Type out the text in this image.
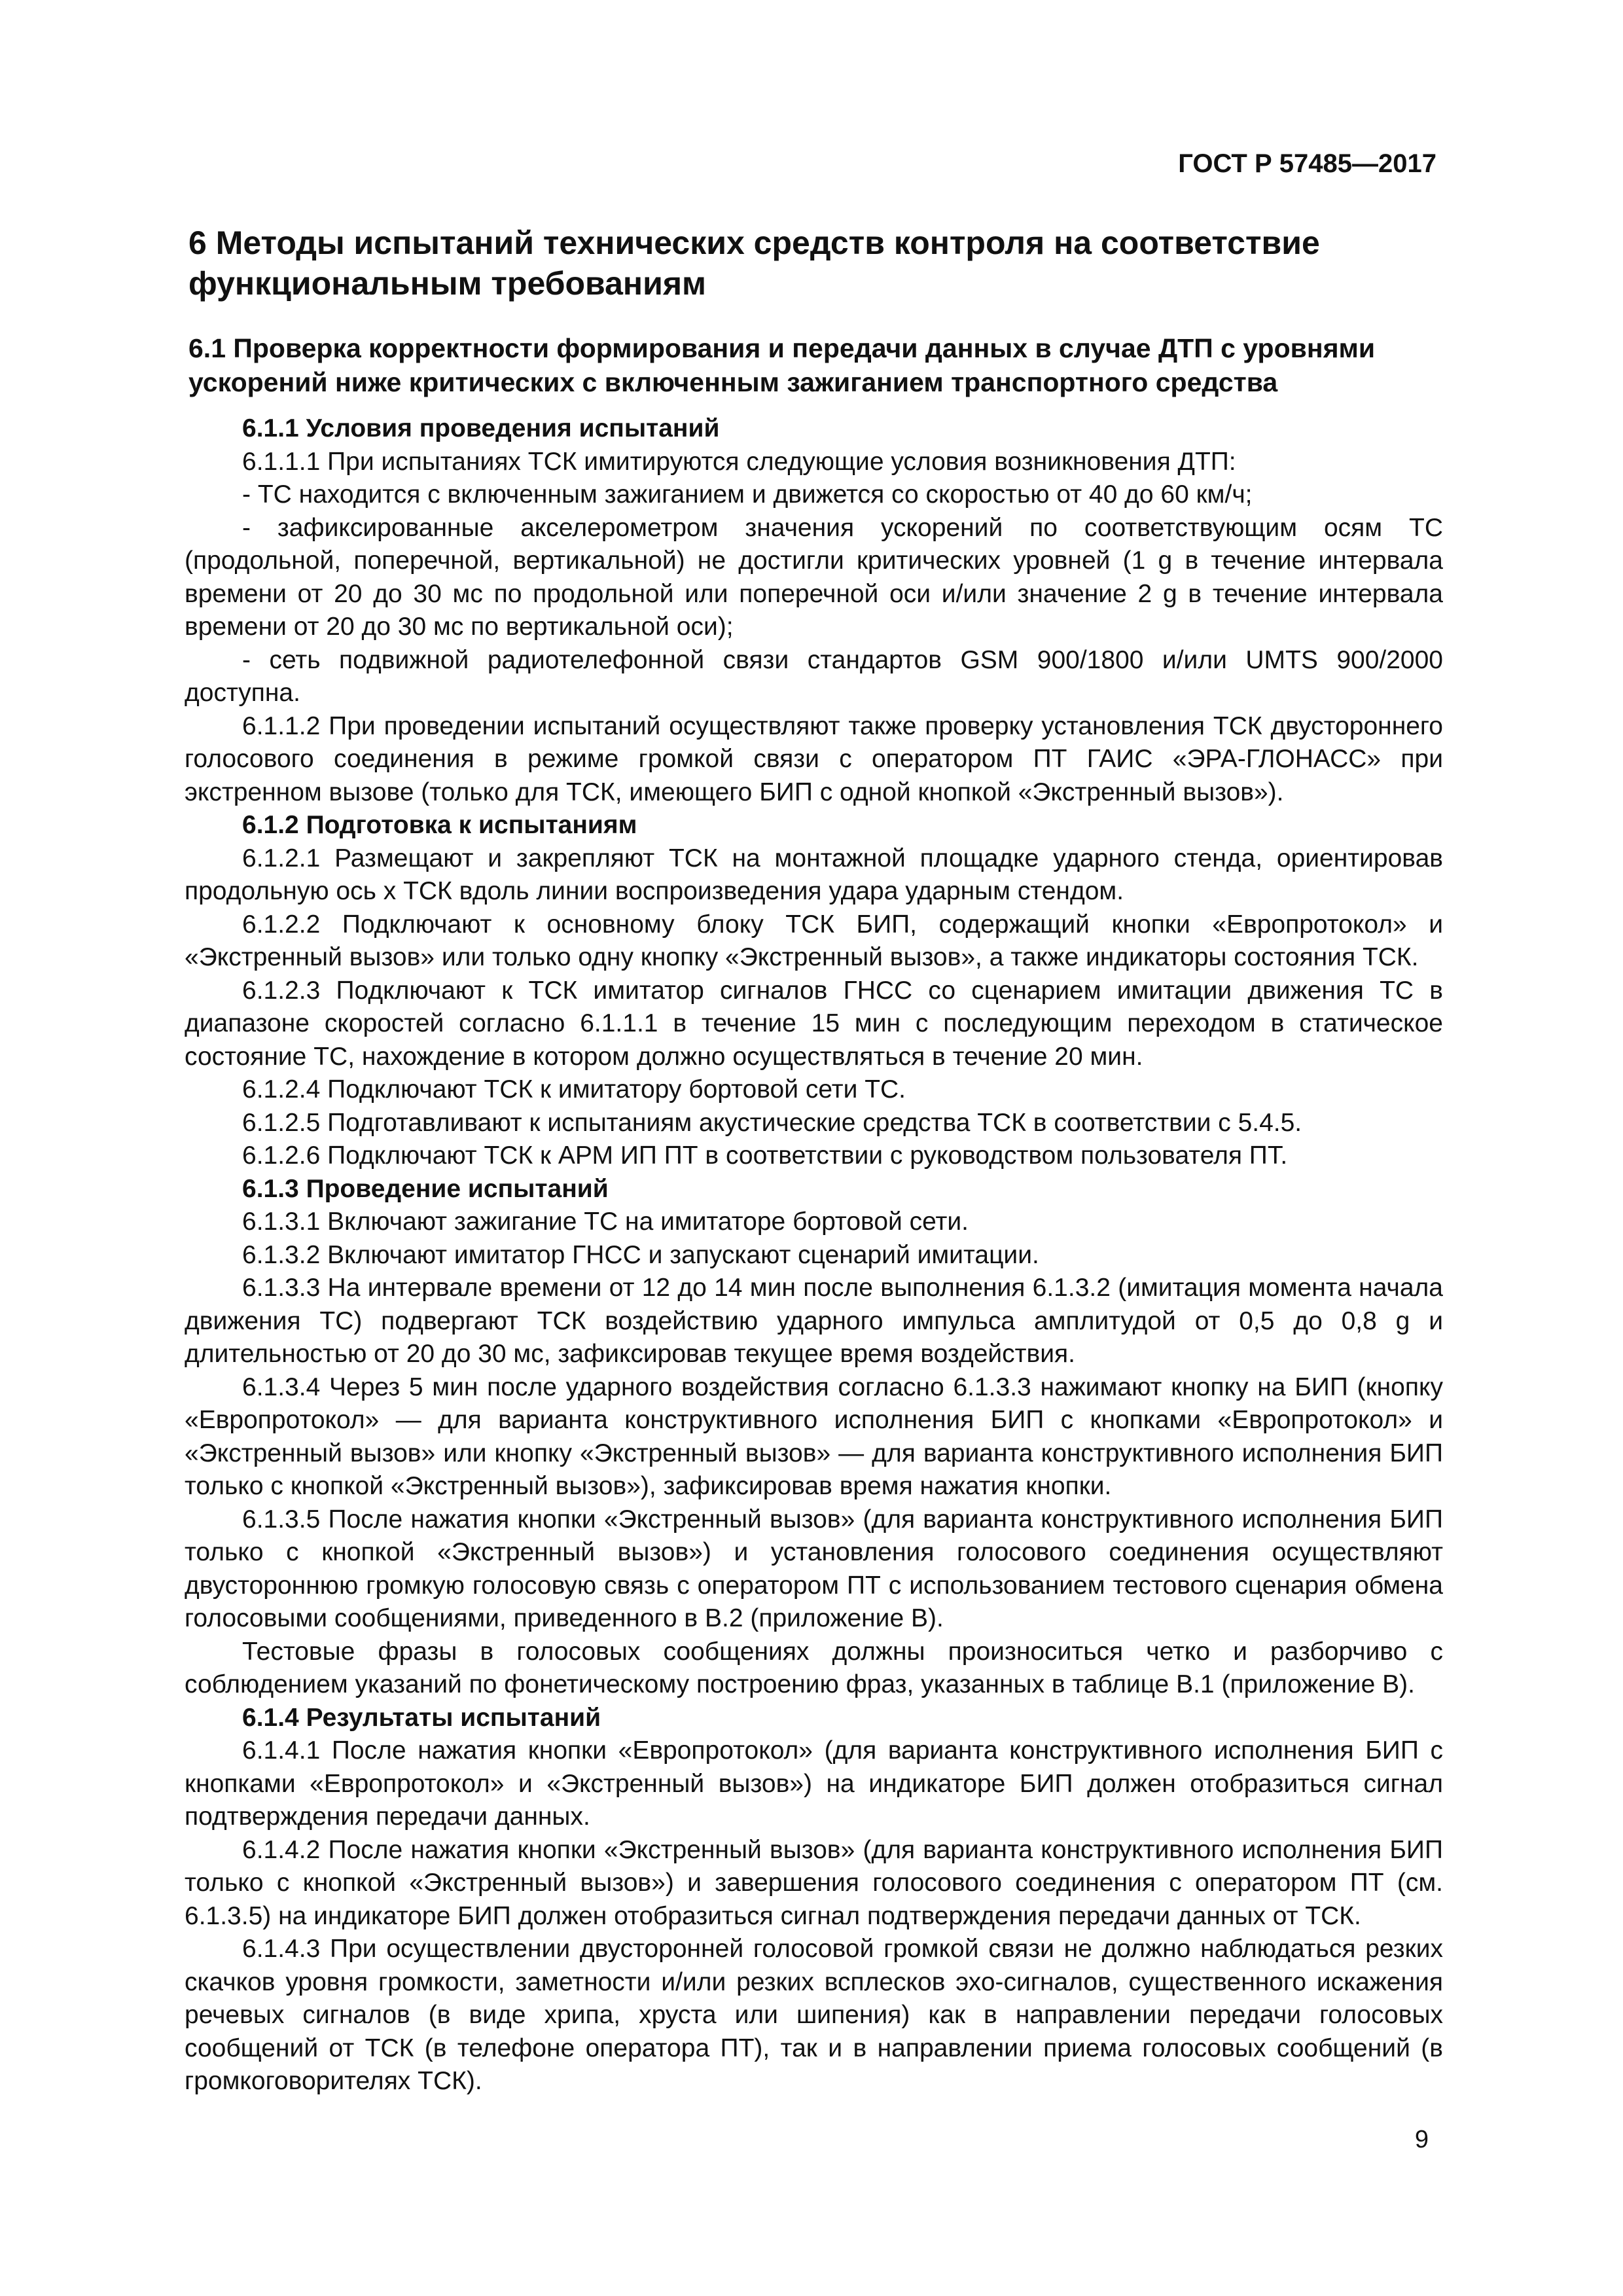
ГОСТ Р 57485—2017
6 Методы испытаний технических средств контроля на соответствие функциональным требованиям
6.1 Проверка корректности формирования и передачи данных в случае ДТП с уровнями ускорений ниже критических с включенным зажиганием транспортного средства

6.1.1 Условия проведения испытаний

6.1.1.1 При испытаниях ТСК имитируются следующие условия возникновения ДТП:

- ТС находится с включенным зажиганием и движется со скоростью от 40 до 60 км/ч;

- зафиксированные акселерометром значения ускорений по соответствующим осям ТС (продольной, поперечной, вертикальной) не достигли критических уровней (1 g в течение интервала времени от 20 до 30 мс по продольной или поперечной оси и/или значение 2 g в течение интервала времени от 20 до 30 мс по вертикальной оси);

- сеть подвижной радиотелефонной связи стандартов GSM 900/1800 и/или UMTS 900/2000 доступна.

6.1.1.2 При проведении испытаний осуществляют также проверку установления ТСК двустороннего голосового соединения в режиме громкой связи с оператором ПТ ГАИС «ЭРА-ГЛОНАСС» при экстренном вызове (только для ТСК, имеющего БИП с одной кнопкой «Экстренный вызов»).

6.1.2 Подготовка к испытаниям

6.1.2.1 Размещают и закрепляют ТСК на монтажной площадке ударного стенда, ориентировав продольную ось x ТСК вдоль линии воспроизведения удара ударным стендом.

6.1.2.2 Подключают к основному блоку ТСК БИП, содержащий кнопки «Европротокол» и «Экстренный вызов» или только одну кнопку «Экстренный вызов», а также индикаторы состояния ТСК.

6.1.2.3 Подключают к ТСК имитатор сигналов ГНСС со сценарием имитации движения ТС в диапазоне скоростей согласно 6.1.1.1 в течение 15 мин с последующим переходом в статическое состояние ТС, нахождение в котором должно осуществляться в течение 20 мин.

6.1.2.4 Подключают ТСК к имитатору бортовой сети ТС.

6.1.2.5 Подготавливают к испытаниям акустические средства ТСК в соответствии с 5.4.5.

6.1.2.6 Подключают ТСК к АРМ ИП ПТ в соответствии с руководством пользователя ПТ.

6.1.3 Проведение испытаний

6.1.3.1 Включают зажигание ТС на имитаторе бортовой сети.

6.1.3.2 Включают имитатор ГНСС и запускают сценарий имитации.

6.1.3.3 На интервале времени от 12 до 14 мин после выполнения 6.1.3.2 (имитация момента начала движения ТС) подвергают ТСК воздействию ударного импульса амплитудой от 0,5 до 0,8 g и длительностью от 20 до 30 мс, зафиксировав текущее время воздействия.

6.1.3.4 Через 5 мин после ударного воздействия согласно 6.1.3.3 нажимают кнопку на БИП (кнопку «Европротокол» — для варианта конструктивного исполнения БИП с кнопками «Европротокол» и «Экстренный вызов» или кнопку «Экстренный вызов» — для варианта конструктивного исполнения БИП только с кнопкой «Экстренный вызов»), зафиксировав время нажатия кнопки.

6.1.3.5 После нажатия кнопки «Экстренный вызов» (для варианта конструктивного исполнения БИП только с кнопкой «Экстренный вызов») и установления голосового соединения осуществляют двустороннюю громкую голосовую связь с оператором ПТ с использованием тестового сценария обмена голосовыми сообщениями, приведенного в В.2 (приложение В).

Тестовые фразы в голосовых сообщениях должны произноситься четко и разборчиво с соблюдением указаний по фонетическому построению фраз, указанных в таблице В.1 (приложение В).

6.1.4 Результаты испытаний

6.1.4.1 После нажатия кнопки «Европротокол» (для варианта конструктивного исполнения БИП с кнопками «Европротокол» и «Экстренный вызов») на индикаторе БИП должен отобразиться сигнал подтверждения передачи данных.

6.1.4.2 После нажатия кнопки «Экстренный вызов» (для варианта конструктивного исполнения БИП только с кнопкой «Экстренный вызов») и завершения голосового соединения с оператором ПТ (см. 6.1.3.5) на индикаторе БИП должен отобразиться сигнал подтверждения передачи данных от ТСК.

6.1.4.3 При осуществлении двусторонней голосовой громкой связи не должно наблюдаться резких скачков уровня громкости, заметности и/или резких всплесков эхо-сигналов, существенного искажения речевых сигналов (в виде хрипа, хруста или шипения) как в направлении передачи голосовых сообщений от ТСК (в телефоне оператора ПТ), так и в направлении приема голосовых сообщений (в громкоговорителях ТСК).

9
